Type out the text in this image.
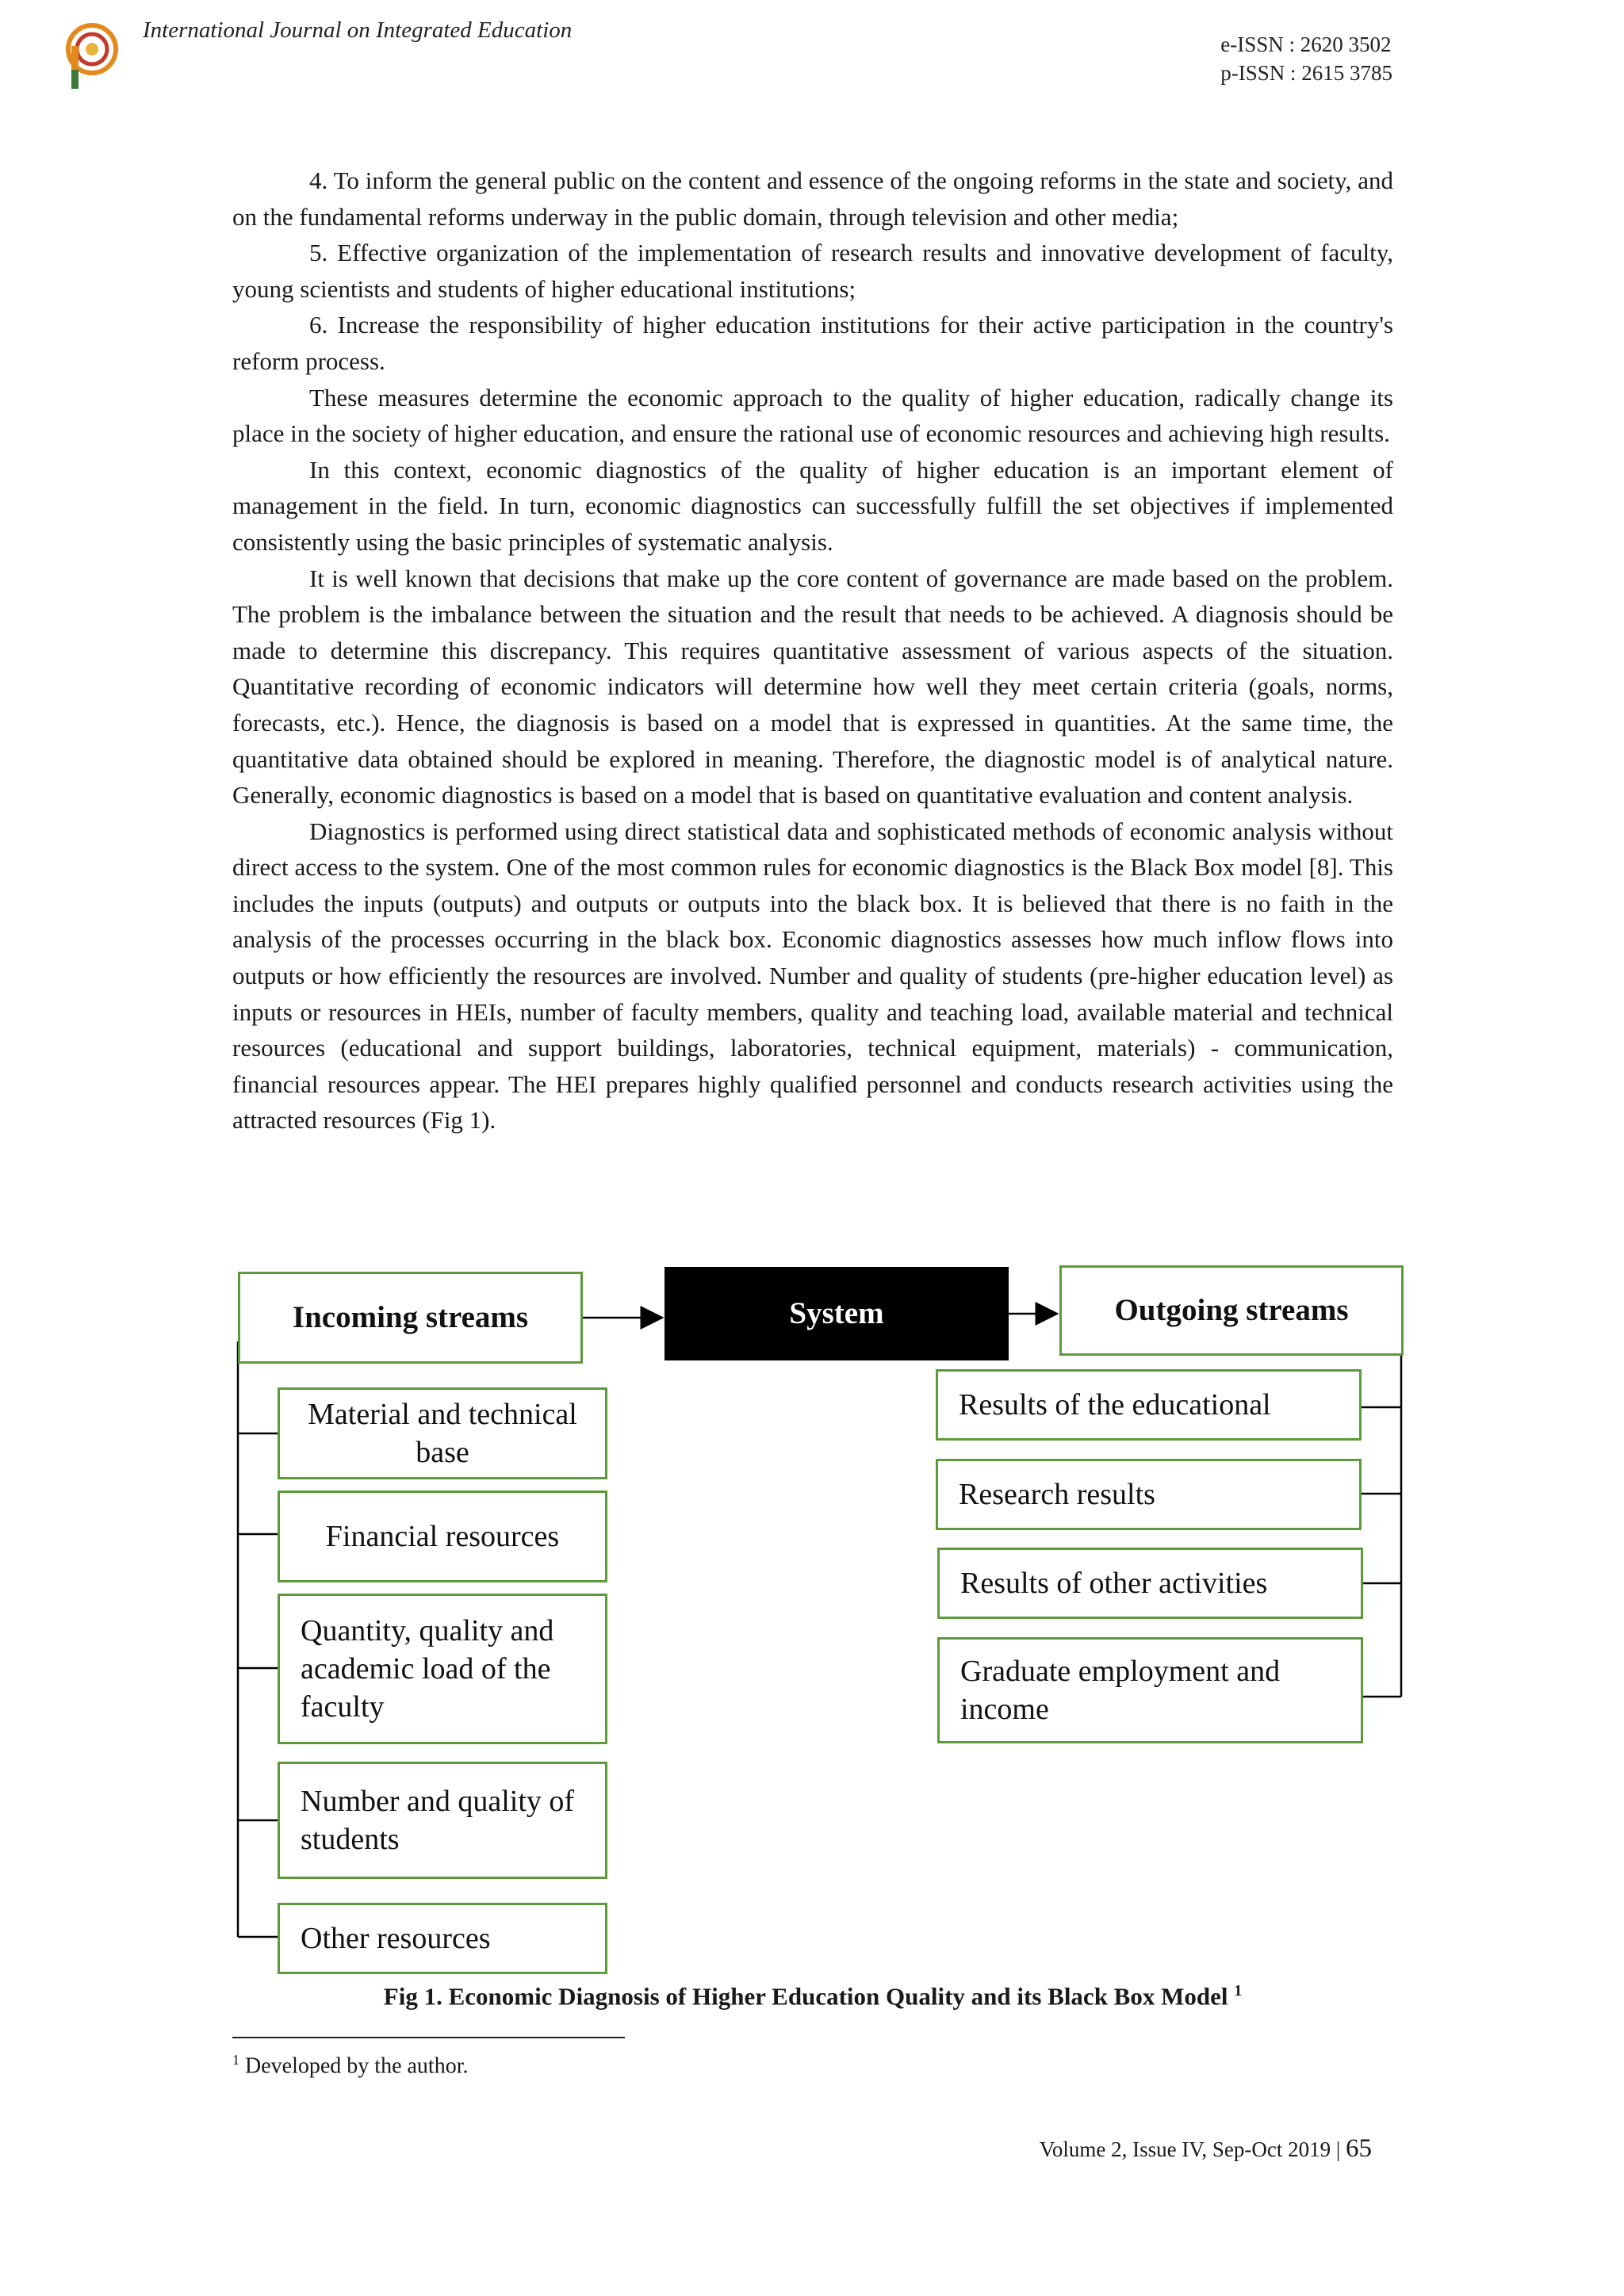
International Journal on Integrated Education
e-ISSN : 2620 3502
p-ISSN : 2615 3785

4. To inform the general public on the content and essence of the ongoing reforms in the state and society, and on the fundamental reforms underway in the public domain, through television and other media;

5. Effective organization of the implementation of research results and innovative development of faculty, young scientists and students of higher educational institutions;

6. Increase the responsibility of higher education institutions for their active participation in the country's reform process.

These measures determine the economic approach to the quality of higher education, radically change its place in the society of higher education, and ensure the rational use of economic resources and achieving high results.

In this context, economic diagnostics of the quality of higher education is an important element of management in the field. In turn, economic diagnostics can successfully fulfill the set objectives if implemented consistently using the basic principles of systematic analysis.

It is well known that decisions that make up the core content of governance are made based on the problem. The problem is the imbalance between the situation and the result that needs to be achieved. A diagnosis should be made to determine this discrepancy. This requires quantitative assessment of various aspects of the situation. Quantitative recording of economic indicators will determine how well they meet certain criteria (goals, norms, forecasts, etc.). Hence, the diagnosis is based on a model that is expressed in quantities. At the same time, the quantitative data obtained should be explored in meaning. Therefore, the diagnostic model is of analytical nature. Generally, economic diagnostics is based on a model that is based on quantitative evaluation and content analysis.

Diagnostics is performed using direct statistical data and sophisticated methods of economic analysis without direct access to the system. One of the most common rules for economic diagnostics is the Black Box model [8]. This includes the inputs (outputs) and outputs or outputs into the black box. It is believed that there is no faith in the analysis of the processes occurring in the black box. Economic diagnostics assesses how much inflow flows into outputs or how efficiently the resources are involved. Number and quality of students (pre-higher education level) as inputs or resources in HEIs, number of faculty members, quality and teaching load, available material and technical resources (educational and support buildings, laboratories, technical equipment, materials) - communication, financial resources appear. The HEI prepares highly qualified personnel and conducts research activities using the attracted resources (Fig 1).

Incoming streams	System	Outgoing streams
Material and technical base
Financial resources
Quantity, quality and academic load of the faculty
Number and quality of students
Other resources
Results of the educational
Research results
Results of other activities
Graduate employment and income
Fig 1. Economic Diagnosis of Higher Education Quality and its Black Box Model $^1$
$^1$ Developed by the author.
Volume 2, Issue IV, Sep-Oct 2019 | 65
